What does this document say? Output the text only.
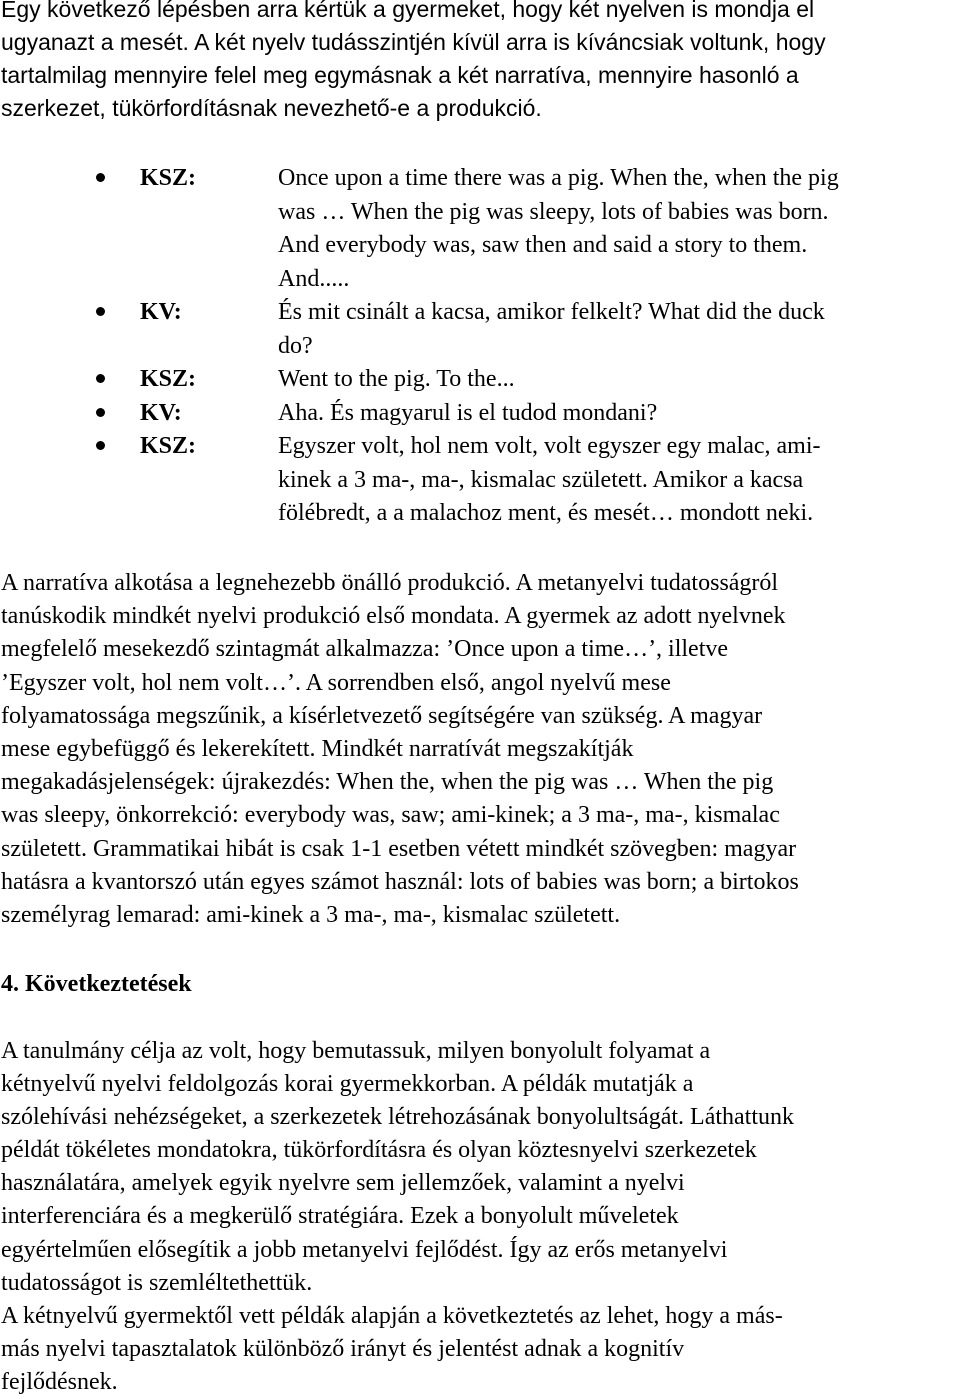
Egy következő lépésben arra kértük a gyermeket, hogy két nyelven is mondja el
ugyanazt a mesét. A két nyelv tudásszintjén kívül arra is kíváncsiak voltunk, hogy
tartalmilag mennyire felel meg egymásnak a két narratíva, mennyire hasonló a
szerkezet, tükörfordításnak nevezhető-e a produkció.
KSZ:	Once upon a time there was a pig. When the, when the pig
was … When the pig was sleepy, lots of babies was born.
And everybody was, saw then and said a story to them.
And.....
KV:	És mit csinált a kacsa, amikor felkelt? What did the duck
do?
KSZ:	Went to the pig. To the...
KV:	Aha. És magyarul is el tudod mondani?
KSZ:	Egyszer volt, hol nem volt, volt egyszer egy malac, ami-
kinek a 3 ma-, ma-, kismalac született. Amikor a kacsa
fölébredt, a a malachoz ment, és mesét… mondott neki.
A narratíva alkotása a legnehezebb önálló produkció. A metanyelvi tudatosságról
tanúskodik mindkét nyelvi produkció első mondata. A gyermek az adott nyelvnek
megfelelő mesekezdő szintagmát alkalmazza: ’Once upon a time…’, illetve
’Egyszer volt, hol nem volt…’. A sorrendben első, angol nyelvű mese
folyamatossága megszűnik, a kísérletvezető segítségére van szükség. A magyar
mese egybefüggő és lekerekített. Mindkét narratívát megszakítják
megakadásjelenségek: újrakezdés: When the, when the pig was … When the pig
was sleepy, önkorrekció: everybody was, saw; ami-kinek; a 3 ma-, ma-, kismalac
született. Grammatikai hibát is csak 1-1 esetben vétett mindkét szövegben: magyar
hatásra a kvantorszó után egyes számot használ: lots of babies was born; a birtokos
személyrag lemarad: ami-kinek a 3 ma-, ma-, kismalac született.
4. Következtetések
A tanulmány célja az volt, hogy bemutassuk, milyen bonyolult folyamat a
kétnyelvű nyelvi feldolgozás korai gyermekkorban. A példák mutatják a
szólehívási nehézségeket, a szerkezetek létrehozásának bonyolultságát. Láthattunk
példát tökéletes mondatokra, tükörfordításra és olyan köztesnyelvi szerkezetek
használatára, amelyek egyik nyelvre sem jellemzőek, valamint a nyelvi
interferenciára és a megkerülő stratégiára. Ezek a bonyolult műveletek
egyértelműen elősegítik a jobb metanyelvi fejlődést. Így az erős metanyelvi
tudatosságot is szemléltethettük.
A kétnyelvű gyermektől vett példák alapján a következtetés az lehet, hogy a más-
más nyelvi tapasztalatok különböző irányt és jelentést adnak a kognitív
fejlődésnek.
